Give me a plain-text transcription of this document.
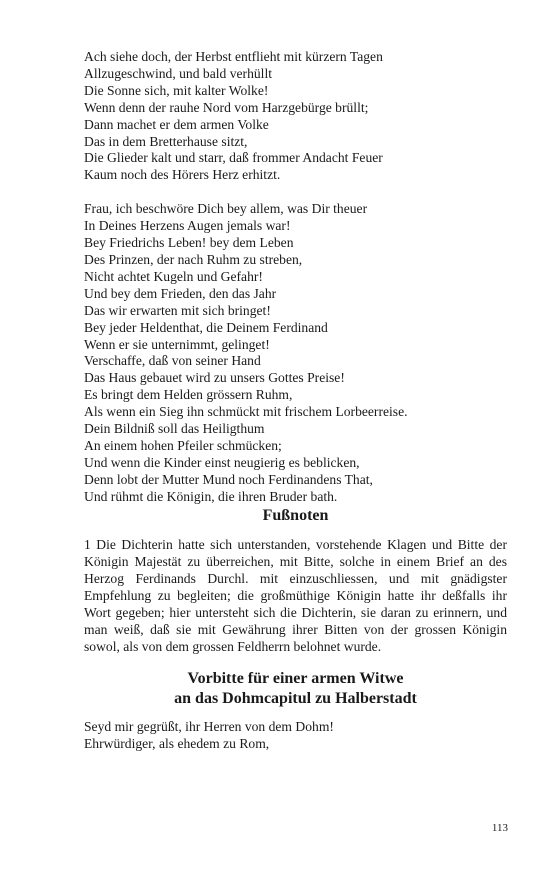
Ach siehe doch, der Herbst entflieht mit kürzern Tagen
Allzugeschwind, und bald verhüllt
Die Sonne sich, mit kalter Wolke!
Wenn denn der rauhe Nord vom Harzgebürge brüllt;
Dann machet er dem armen Volke
Das in dem Bretterhause sitzt,
Die Glieder kalt und starr, daß frommer Andacht Feuer
Kaum noch des Hörers Herz erhitzt.
Frau, ich beschwöre Dich bey allem, was Dir theuer
In Deines Herzens Augen jemals war!
Bey Friedrichs Leben! bey dem Leben
Des Prinzen, der nach Ruhm zu streben,
Nicht achtet Kugeln und Gefahr!
Und bey dem Frieden, den das Jahr
Das wir erwarten mit sich bringet!
Bey jeder Heldenthat, die Deinem Ferdinand
Wenn er sie unternimmt, gelinget!
Verschaffe, daß von seiner Hand
Das Haus gebauet wird zu unsers Gottes Preise!
Es bringt dem Helden grössern Ruhm,
Als wenn ein Sieg ihn schmückt mit frischem Lorbeerreise.
Dein Bildniß soll das Heiligthum
An einem hohen Pfeiler schmücken;
Und wenn die Kinder einst neugierig es beblicken,
Denn lobt der Mutter Mund noch Ferdinandens That,
Und rühmt die Königin, die ihren Bruder bath.
Fußnoten

1 Die Dichterin hatte sich unterstanden, vorstehende Klagen und Bitte der Königin Majestät zu überreichen, mit Bitte, solche in einem Brief an des Herzog Ferdinands Durchl. mit einzuschliessen, und mit gnädigster Empfehlung zu begleiten; die großmüthige Königin hatte ihr deßfalls ihr Wort gegeben; hier untersteht sich die Dichterin, sie daran zu erinnern, und man weiß, daß sie mit Gewährung ihrer Bitten von der grossen Königin sowol, als von dem grossen Feldherrn belohnet wurde.

Vorbitte für einer armen Witwe
an das Dohmcapitul zu Halberstadt
Seyd mir gegrüßt, ihr Herren von dem Dohm!
Ehrwürdiger, als ehedem zu Rom,
113
